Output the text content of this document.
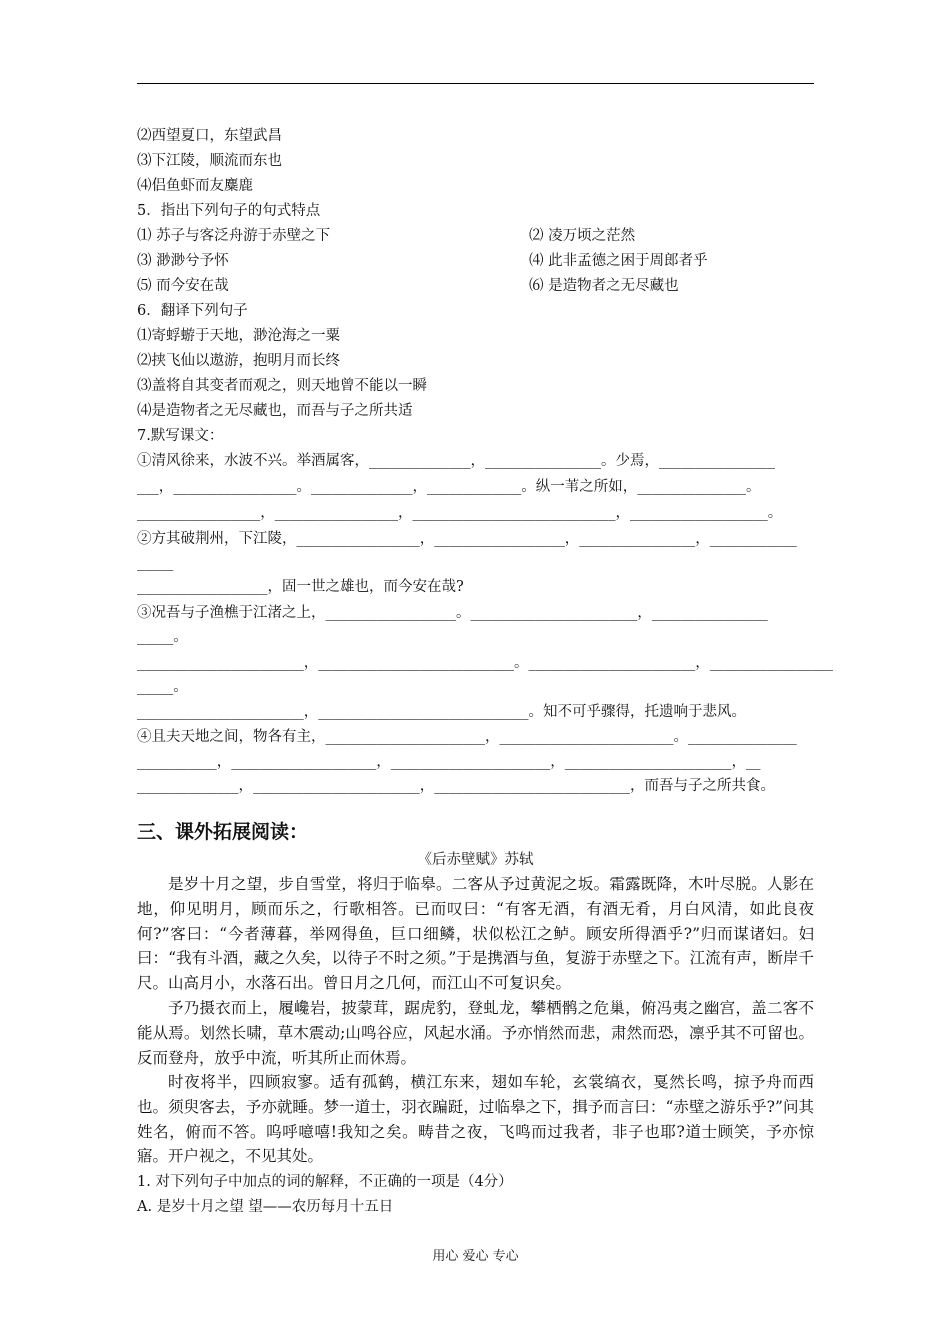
⑵西望夏口，东望武昌
⑶下江陵，顺流而东也
⑷侣鱼虾而友麋鹿
5．指出下列句子的句式特点
⑴ 苏子与客泛舟游于赤壁之下	⑵ 凌万顷之茫然
⑶ 渺渺兮予怀	⑷ 此非孟德之困于周郎者乎
⑸ 而今安在哉	⑹ 是造物者之无尽藏也
6．翻译下列句子
⑴寄蜉蝣于天地，渺沧海之一粟
⑵挟飞仙以遨游，抱明月而长终
⑶盖将自其变者而观之，则天地曾不能以一瞬
⑷是造物者之无尽藏也，而吾与子之所共适
7.默写课文：
①清风徐来，水波不兴。举酒属客，______________，________________。少焉，________________
___，_________________。______________，_____________。纵一苇之所如，_______________。
_________________，_________________，____________________________，___________________。
②方其破荆州，下江陵，_________________，__________________，________________，____________
_____
__________________，固一世之雄也，而今安在哉?
③况吾与子渔樵于江渚之上，__________________。_______________________，________________
_____。
_______________________，___________________________。_______________________，_________________
_____。
_______________________，_____________________________。知不可乎骤得，托遗响于悲风。
④且夫天地之间，物各有主，______________________，________________________。_______________
___________，____________________，______________________，_______________________，__
______________，_______________________，___________________________，而吾与子之所共食。
三、课外拓展阅读：
《后赤壁赋》苏轼
是岁十月之望，步自雪堂，将归于临皋。二客从予过黄泥之坂。霜露既降，木叶尽脱。人影在地，仰见明月，顾而乐之，行歌相答。已而叹曰：“有客无酒，有酒无肴，月白风清，如此良夜何?”客曰：“今者薄暮，举网得鱼，巨口细鳞，状似松江之鲈。顾安所得酒乎?”归而谋诸妇。妇曰：“我有斗酒，藏之久矣，以待子不时之须。”于是携酒与鱼，复游于赤壁之下。江流有声，断岸千尺。山高月小，水落石出。曾日月之几何，而江山不可复识矣。
予乃摄衣而上，履巉岩，披蒙茸，踞虎豹，登虬龙，攀栖鹘之危巢，俯冯夷之幽宫，盖二客不能从焉。划然长啸，草木震动;山鸣谷应，风起水涌。予亦悄然而悲，肃然而恐，凛乎其不可留也。反而登舟，放乎中流，听其所止而休焉。
时夜将半，四顾寂寥。适有孤鹤，横江东来，翅如车轮，玄裳缟衣，戛然长鸣，掠予舟而西也。须臾客去，予亦就睡。梦一道士，羽衣蹁跹，过临皋之下，揖予而言曰：“赤壁之游乐乎?”问其姓名，俯而不答。呜呼噫嘻!我知之矣。畴昔之夜，飞鸣而过我者，非子也耶?道士顾笑，予亦惊寤。开户视之，不见其处。
1. 对下列句子中加点的词的解释，不正确的一项是（4分）
A. 是岁十月之望 望——农历每月十五日
用心 爱心 专心
